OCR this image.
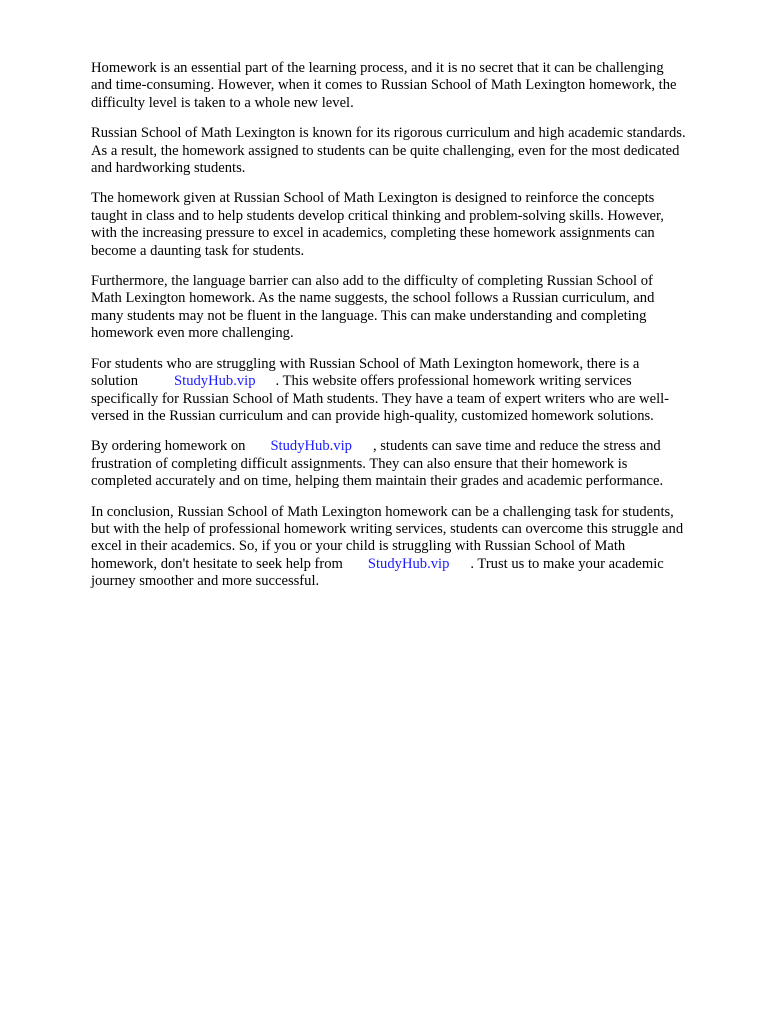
Homework is an essential part of the learning process, and it is no secret that it can be challenging
and time-consuming. However, when it comes to Russian School of Math Lexington homework, the
difficulty level is taken to a whole new level.

Russian School of Math Lexington is known for its rigorous curriculum and high academic standards.
As a result, the homework assigned to students can be quite challenging, even for the most dedicated
and hardworking students.

The homework given at Russian School of Math Lexington is designed to reinforce the concepts
taught in class and to help students develop critical thinking and problem-solving skills. However,
with the increasing pressure to excel in academics, completing these homework assignments can
become a daunting task for students.

Furthermore, the language barrier can also add to the difficulty of completing Russian School of
Math Lexington homework. As the name suggests, the school follows a Russian curriculum, and
many students may not be fluent in the language. This can make understanding and completing
homework even more challenging.

For students who are struggling with Russian School of Math Lexington homework, there is a
solution StudyHub.vip . This website offers professional homework writing services
specifically for Russian School of Math students. They have a team of expert writers who are well-
versed in the Russian curriculum and can provide high-quality, customized homework solutions.

By ordering homework on StudyHub.vip , students can save time and reduce the stress and
frustration of completing difficult assignments. They can also ensure that their homework is
completed accurately and on time, helping them maintain their grades and academic performance.

In conclusion, Russian School of Math Lexington homework can be a challenging task for students,
but with the help of professional homework writing services, students can overcome this struggle and
excel in their academics. So, if you or your child is struggling with Russian School of Math
homework, don't hesitate to seek help from StudyHub.vip . Trust us to make your academic
journey smoother and more successful.
